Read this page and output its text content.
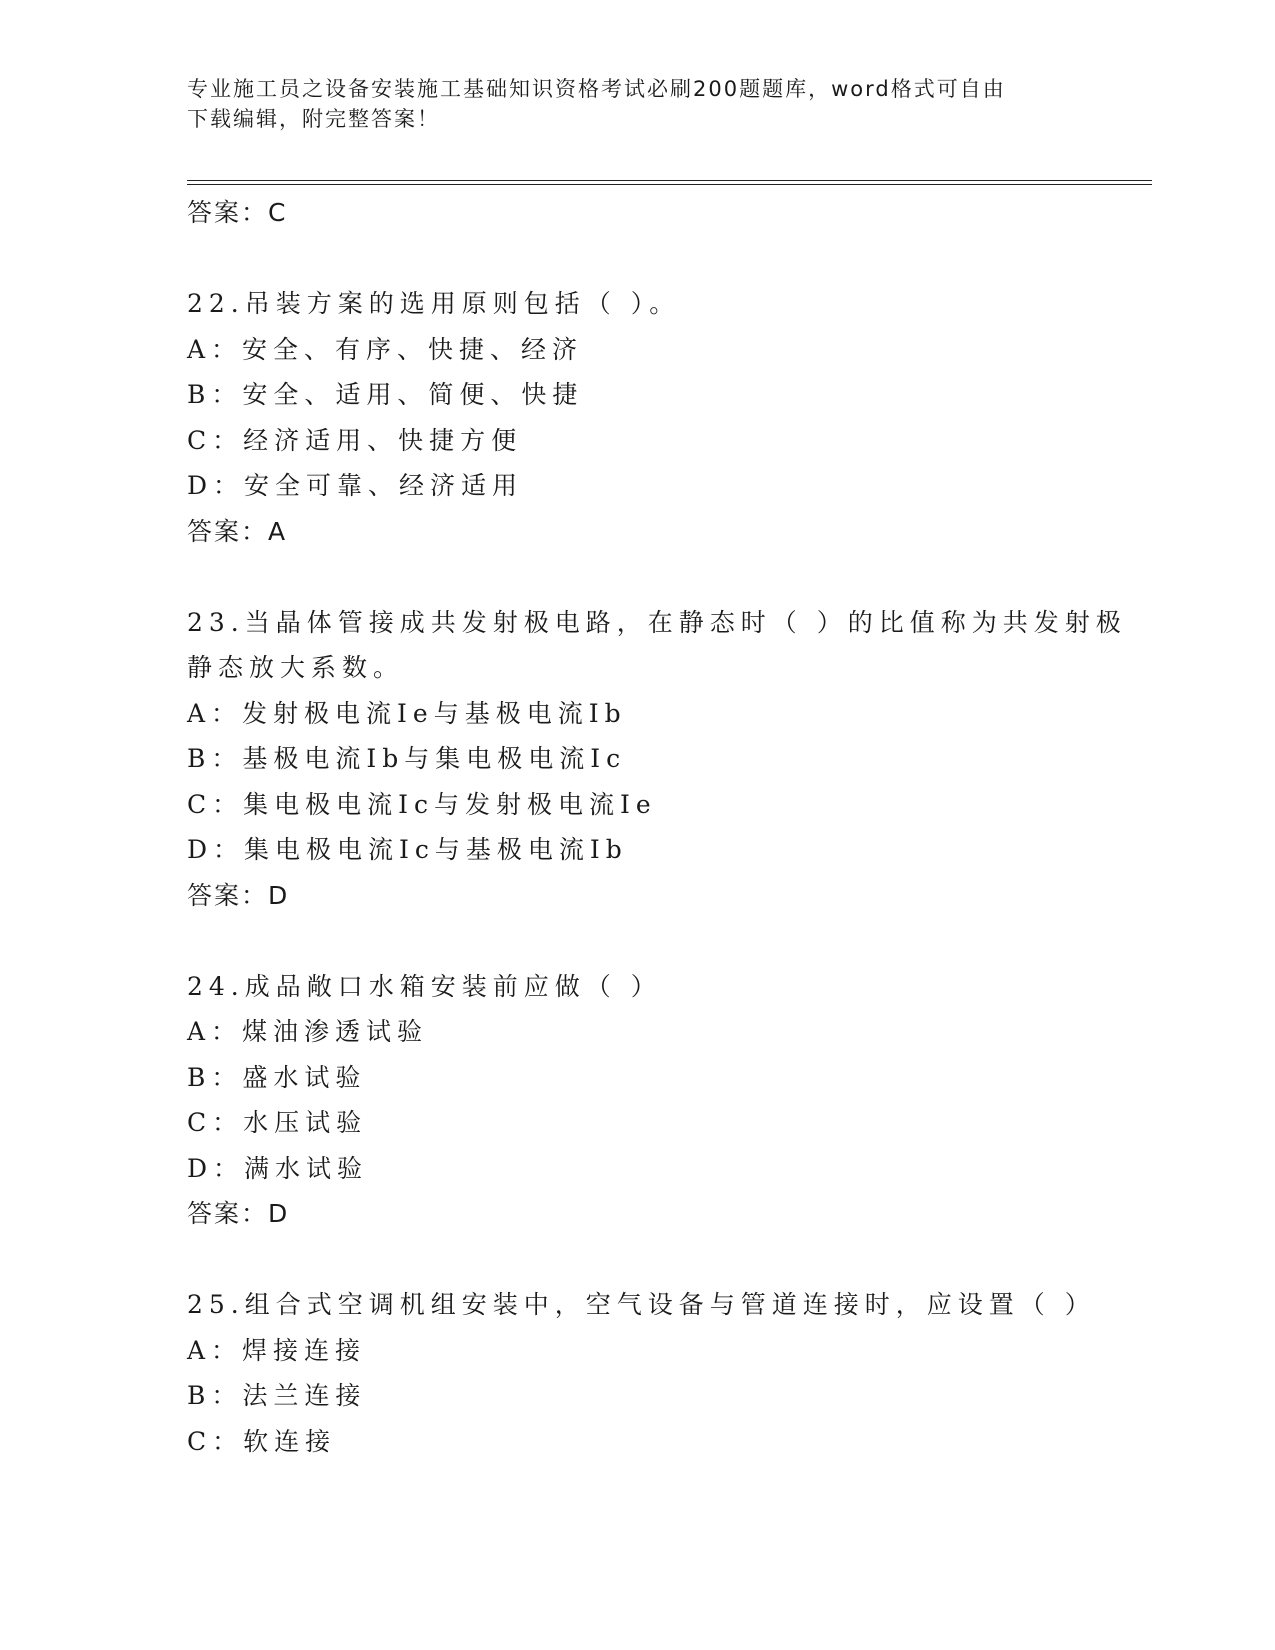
专业施工员之设备安装施工基础知识资格考试必刷200题题库，word格式可自由
下载编辑，附完整答案！
答案：C
22.吊装方案的选用原则包括（ ）。
A：安全、有序、快捷、经济
B：安全、适用、简便、快捷
C：经济适用、快捷方便
D：安全可靠、经济适用
答案：A
23.当晶体管接成共发射极电路，在静态时（ ）的比值称为共发射极
静态放大系数。
A：发射极电流Ie与基极电流Ib
B：基极电流Ib与集电极电流Ic
C：集电极电流Ic与发射极电流Ie
D：集电极电流Ic与基极电流Ib
答案：D
24.成品敞口水箱安装前应做（ ）
A：煤油渗透试验
B：盛水试验
C：水压试验
D：满水试验
答案：D
25.组合式空调机组安装中，空气设备与管道连接时，应设置（ ）
A：焊接连接
B：法兰连接
C：软连接
